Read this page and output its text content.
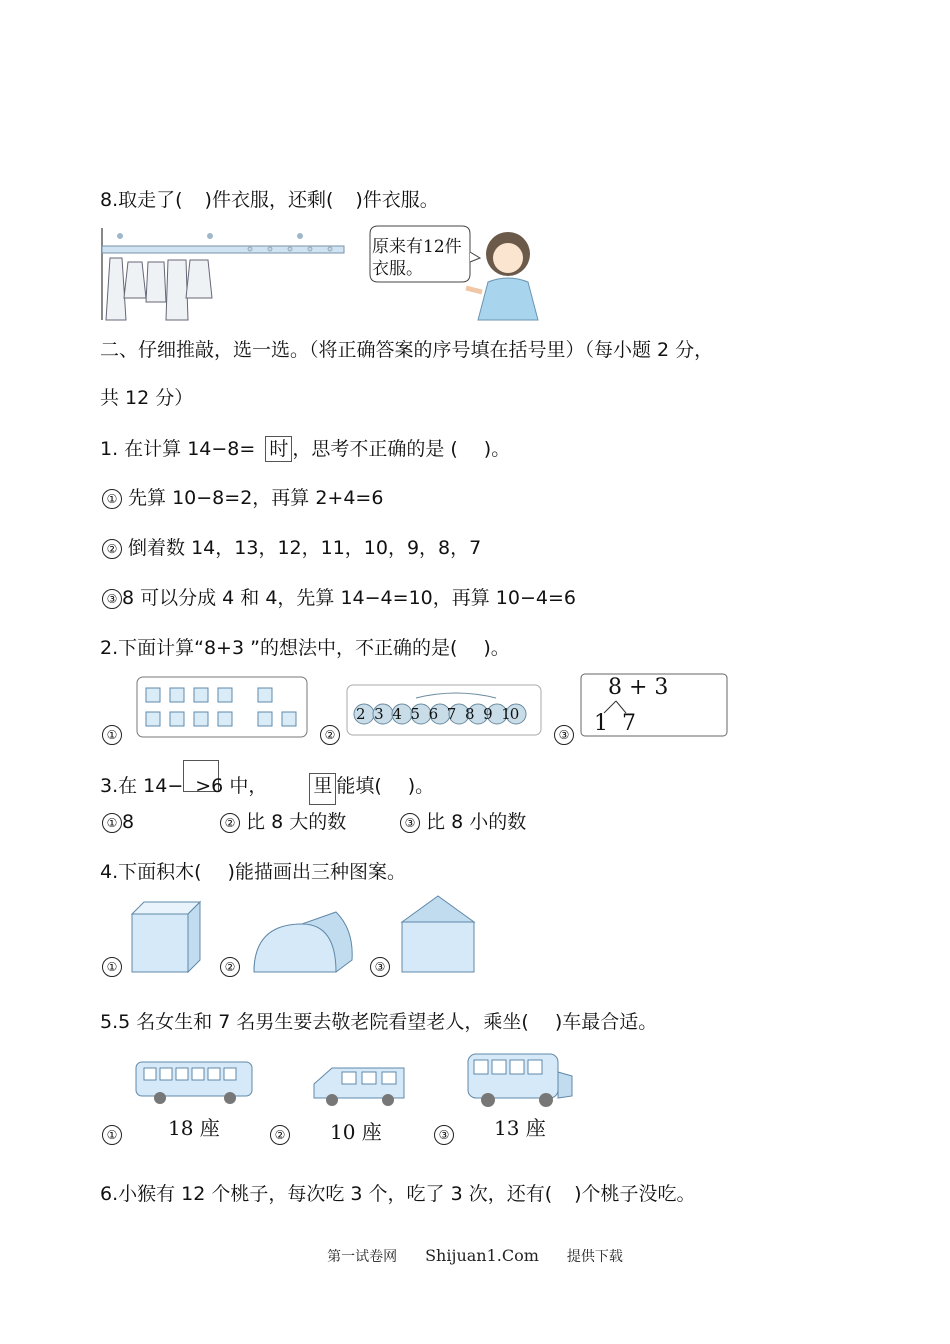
8.取走了( )件衣服，还剩( )件衣服。
原来有12件
衣服。
二、仔细推敲，选一选。（将正确答案的序号填在括号里）（每小题 2 分，
共 12 分）
1. 在计算 14−8= 时 ，思考不正确的是 ( )。
① 先算 10−8=2，再算 2+4=6
② 倒着数 14，13，12，11，10，9，8，7
③ 8 可以分成 4 和 4，先算 14−4=10，再算 10−4=6
2.下面计算“8+3 ”的想法中，不正确的是( )。
①	②
2345678910
③
8 + 3
1 7
3.在 14− >6 中， 里 能填( )。
① 8	② 比 8 大的数	③ 比 8 小的数
4.下面积木( )能描画出三种图案。
①	②	③
5.5 名女生和 7 名男生要去敬老院看望老人，乘坐( )车最合适。
①	18 座	② 10 座	③ 13 座
6.小猴有 12 个桃子，每次吃 3 个，吃了 3 次，还有( )个桃子没吃。
第一试卷网 Shijuan1.Com 提供下载
